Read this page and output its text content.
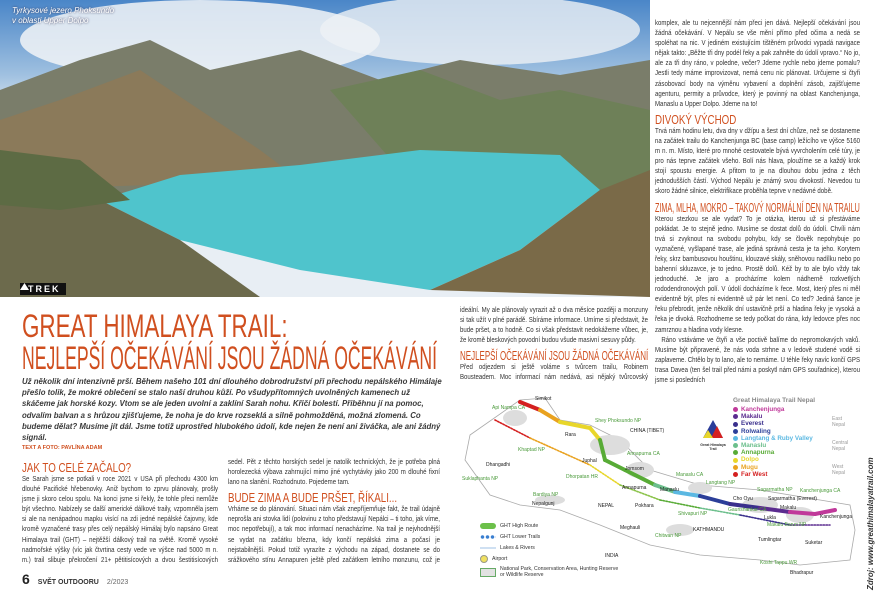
Tyrkysové jezero Phoksundo
v oblasti Upper Dolpo
TREK
GREAT HIMALAYA TRAIL:
NEJLEPŠÍ OČEKÁVÁNÍ JSOU ŽÁDNÁ OČEKÁVÁNÍ
Už několik dní intenzivně prší. Během našeho 101 dní dlouhého dobrodružství při přechodu nepálského Himálaje přešlo tolik, že mokré oblečení se stalo naší druhou kůží. Po všudypřítomných uvolněných kamenech už skáčeme jak horské kozy. Vtom se ale jeden uvolní a zaklíní Sarah nohu. Křičí bolestí. Přiběhnu jí na pomoc, odvalím balvan a s hrůzou zjišťujeme, že noha je do krve rozseklá a silně pohmožděná, možná zlomená. Co budeme dělat? Musíme jít dál. Jsme totiž uprostřed hlubokého údolí, kde nejen že není ani živáčka, ale ani žádný signál.
TEXT A FOTO: PAVLÍNA ADAM
JAK TO CELÉ ZAČALO?
Se Sarah jsme se potkali v roce 2021 v USA při přechodu 4300 km dlouhé Pacifické hřebenovky. Aniž bychom to zprvu plánovaly, prošly jsme ji skoro celou spolu. Na konci jsme si řekly, že tohle přeci nemůže být všechno. Nabízely se další americké dálkové traily, vzpomněla jsem si ale na nenápadnou mapku visící na zdi jedné nepálské čajovny, kde kromě vyznačené trasy přes celý nepálský Himálaj bylo napsáno Great Himalaya trail (GHT) – nejtěžší dálkový trail na světě. Kromě vysoké nadmořské výšky (víc jak čtvrtina cesty vede ve výšce nad 5000 m n. m.) trail slibuje překročení 21+ pětitisícových a dvou šestitisícových
sedel. Pět z těchto horských sedel je natolik technických, že je potřeba plná horolezecká výbava zahrnující mimo jiné vychytávky jako 200 m dlouhé fixní lano na slanění. Rozhodnuto. Pojedeme tam.
BUDE ZIMA A BUDE PRŠET, ŘÍKALI...
Vrháme se do plánování. Situaci nám však znepříjemňuje fakt, že trail údajně neprošla ani stovka lidí (polovinu z toho představují Nepálci – ti toho, jak víme, moc nepotřebují), a tak moc informací nenacházíme. Na trail je nejvhodnější se vydat na začátku března, kdy končí nepálská zima a počasí je nejstabilnější. Pokud totiž vyrazíte z východu na západ, dostanete se do srážkového stínu Annapuren ještě před začátkem letního monzunu, což je
ideální. My ale plánovaly vyrazit až o dva měsíce později a monzuny si tak užít v plné parádě. Sbíráme informace. Umíme si představit, že bude pršet, a to hodně. Co si však představit nedokážeme vůbec, je, že kromě bleskových povodní budou všude masivní sesuvy půdy.
NEJLEPŠÍ OČEKÁVÁNÍ JSOU ŽÁDNÁ OČEKÁVÁNÍ
Před odjezdem si ještě voláme s tvůrcem trailu, Robinem Bousteadem. Moc informací nám nedává, asi nějaký tvůrcovský
komplex, ale tu nejcennější nám přeci jen dává. Nejlepší očekávání jsou žádná očekávání. V Nepálu se vše mění přímo před očima a nedá se spoléhat na nic. V jediném existujícím tištěném průvodci vypadá navigace nějak takto: „Běžte tři dny podél řeky a pak zahněte do údolí vpravo.“ No jo, ale za tři dny ráno, v poledne, večer? Jdeme rychle nebo jdeme pomalu? Jestli tedy máme improvizovat, nemá cenu nic plánovat. Určujeme si čtyři zásobovací body na výměnu vybavení a doplnění zásob, zajišťujeme agenturu, permity a průvodce, který je povinný na oblast Kanchenjunga, Manaslu a Upper Dolpo. Jdeme na to!
DIVOKÝ VÝCHOD
Trvá nám hodinu letu, dva dny v džípu a šest dní chůze, než se dostaneme na začátek trailu do Kanchenjunga BC (base camp) ležícího ve výšce 5160 m n. m. Místo, které pro mnohé cestovatele bývá vyvrcholením celé túry, je pro nás teprve začátek všeho. Bolí nás hlava, ploužíme se a každý krok stojí spoustu energie. A přitom to je na dlouhou dobu jedna z těch jednodušších částí. Východ Nepálu je známý svou divokostí. Nevedou tu skoro žádné silnice, elektrifikace proběhla teprve v nedávné době.
ZIMA, MLHA, MOKRO – TAKOVÝ NORMÁLNÍ DEN NA TRAILU
Kterou stezkou se ale vydat? To je otázka, kterou už si přestáváme pokládat. Je to stejně jedno. Musíme se dostat dolů do údolí. Chvíli nám trvá si zvyknout na svobodu pohybu, kdy se člověk nepohybuje po vyznačené, vyšlapané trase, ale jediná správná cesta je ta jeho. Korytem řeky, skrz bambusovou houštinu, klouzavé skály, sněhovou nadílku nebo po bahenní skluzavce, je to jedno. Prostě dolů. Kéž by to ale bylo vždy tak jednoduché. Je jaro a procházíme kolem nádherně rozkvetlých rododendronových polí. V údolí docházíme k řece. Most, který přes ni měl evidentně být, přes ni evidentně už pár let není. Co teď? Jediná šance je řeku přebrodit, jenže několik dní ustavičně prší a hladina řeky je vysoká a řeka je divoká. Rozhodneme se tedy počkat do rána, kdy ledovce přes noc zamrznou a hladina vody klesne.
Ráno vstáváme ve čtyři a vše poctivě balíme do nepromokavých vaků. Musíme být připravené, že nás voda strhne a v ledově studené vodě si zaplaveme. Chtělo by to lano, ale to nemáme. U téhle řeky navíc končí GPS trasa Davea (ten šel trail před námi a poskytl nám GPS souřadnice), kterou jsme si posledních
6 SVĚT OUTDOORU 2/2023
Simikot
Api Nampa CA
Rara
Khaptad NP
Shey Phoksundo NP
CHINA (TIBET)
Juphal
Jomsom
Dhangadhi
Suklaphanta NP	Dhorpatan HR
Annapurna CA
Bardiya NP
Nepalgunj	NEPAL
Annapurna	Manaslu
Manaslu CA
Pokhara
Langtang NP
Cho Oyu
Sagarmatha NP
Sagarmatha (Everest)
Shivapuri NP
Gaurishankar CA	Makalu
Kanchenjunga CA
Kanchenjunga
Lukla
Makalu Barun NP
KATHMANDU
Meghauli
Chitwan NP
Tumlingtar	Suketar
INDIA
Koshi Tappu WR
Bhadrapur
Great Himalaya Trail Nepal
Kanchenjunga
Makalu
Everest
Rolwaling
Langtang & Ruby Valley
Manaslu
Annapurna
Dolpo
Mugu
Far West
East Nepal
Central Nepal
West Nepal
Great Himalaya Trail
Zdroj: www.greathimalayatrail.com
GHT High Route
GHT Lower Trails
Lakes & Rivers
Airport
National Park, Conservation Area, Hunting Reserve or Wildlife Reserve
